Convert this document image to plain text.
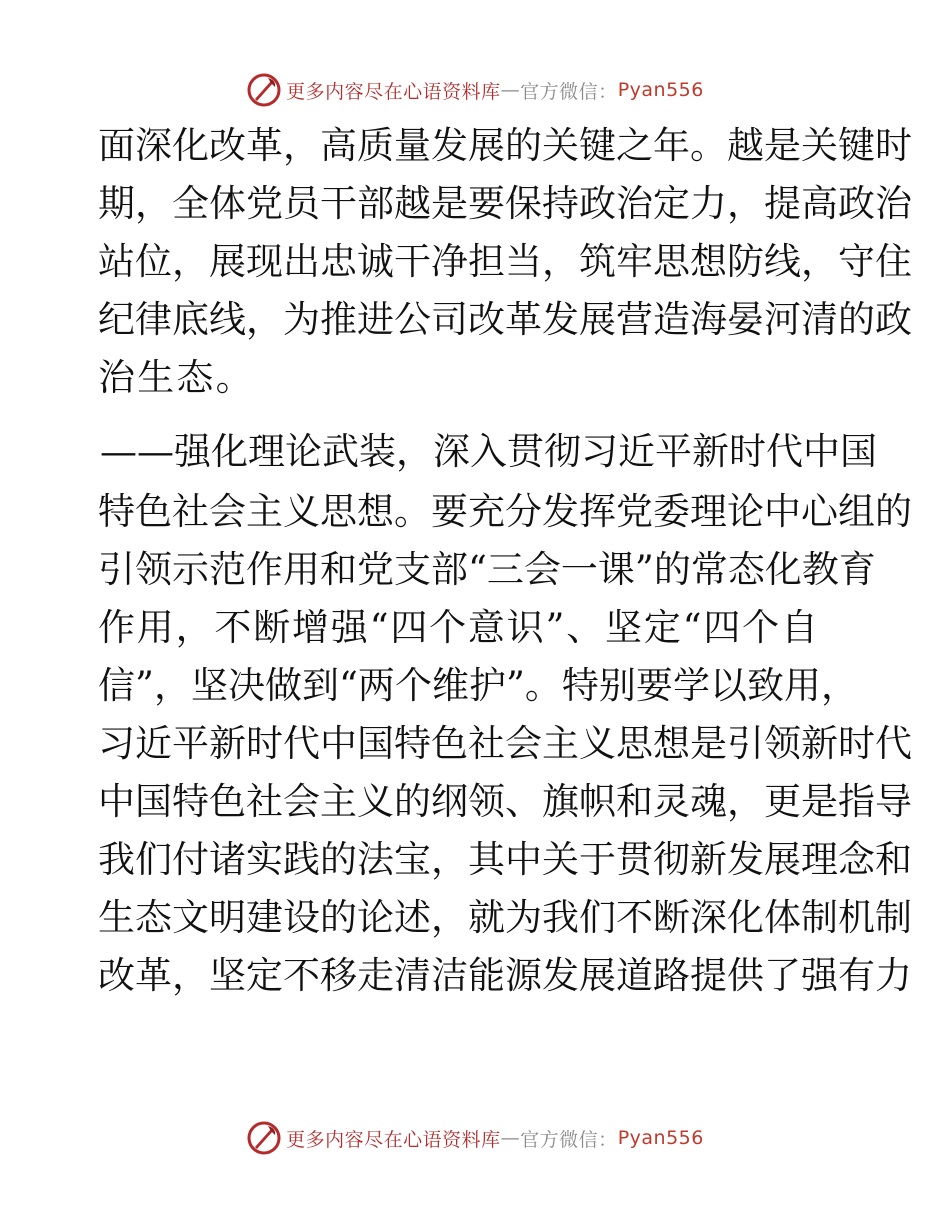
更多内容尽在心语资料库 — 官方微信： Pyan556
面深化改革，高质量发展的关键之年。越是关键时
期，全体党员干部越是要保持政治定力，提高政治
站位，展现出忠诚干净担当，筑牢思想防线，守住
纪律底线，为推进公司改革发展营造海晏河清的政
治生态。
——强化理论武装，深入贯彻习近平新时代中国
特色社会主义思想。要充分发挥党委理论中心组的
引领示范作用和党支部“三会一课”的常态化教育
作用，不断增强“四个意识”、坚定“四个自
信”，坚决做到“两个维护”。特别要学以致用，
习近平新时代中国特色社会主义思想是引领新时代
中国特色社会主义的纲领、旗帜和灵魂，更是指导
我们付诸实践的法宝，其中关于贯彻新发展理念和
生态文明建设的论述，就为我们不断深化体制机制
改革，坚定不移走清洁能源发展道路提供了强有力
更多内容尽在心语资料库 — 官方微信： Pyan556
